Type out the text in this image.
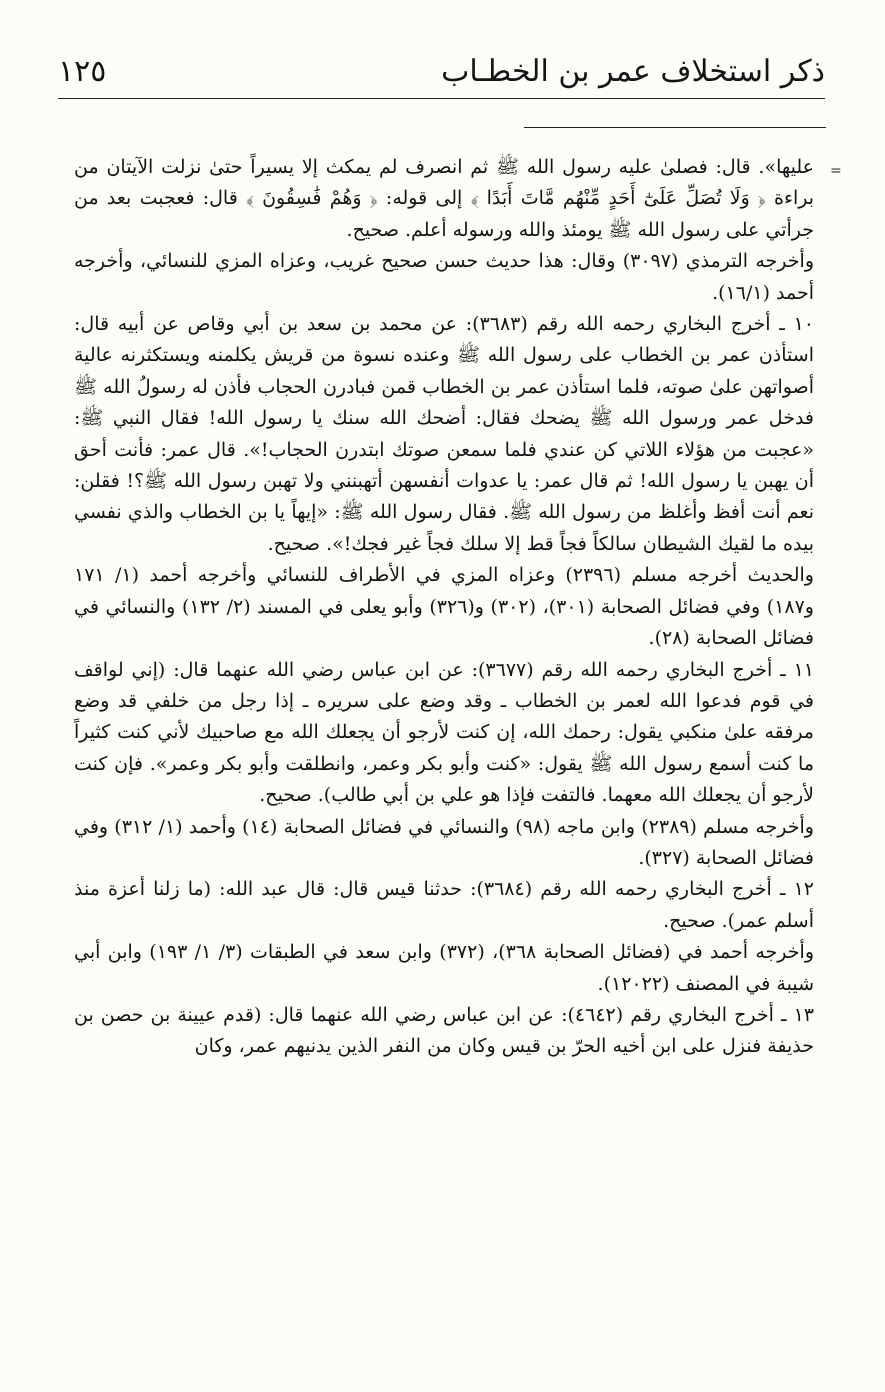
ذكر استخلاف عمر بن الخطـاب
١٢٥
=

عليها». قال: فصلىٰ عليه رسول الله ﷺ ثم انصرف لم يمكث إلا يسيراً حتىٰ نزلت الآيتان من براءة ﴿ وَلَا تُصَلِّ عَلَىٰٓ أَحَدٍ مِّنْهُم مَّاتَ أَبَدًا ﴾ إلى قوله: ﴿ وَهُمْ فَٰسِقُونَ ﴾ قال: فعجبت بعد من جرأتي على رسول الله ﷺ يومئذ والله ورسوله أعلم. صحيح.

وأخرجه الترمذي (٣٠٩٧) وقال: هذا حديث حسن صحيح غريب، وعزاه المزي للنسائي، وأخرجه أحمد (١٦/١).

١٠ ـ أخرج البخاري رحمه الله رقم (٣٦٨٣): عن محمد بن سعد بن أبي وقاص عن أبيه قال: استأذن عمر بن الخطاب على رسول الله ﷺ وعنده نسوة من قريش يكلمنه ويستكثرنه عالية أصواتهن علىٰ صوته، فلما استأذن عمر بن الخطاب قمن فبادرن الحجاب فأذن له رسولُ الله ﷺ فدخل عمر ورسول الله ﷺ يضحك فقال: أضحك الله سنك يا رسول الله! فقال النبي ﷺ: «عجبت من هؤلاء اللاتي كن عندي فلما سمعن صوتك ابتدرن الحجاب!». قال عمر: فأنت أحق أن يهبن يا رسول الله! ثم قال عمر: يا عدوات أنفسهن أتهبنني ولا تهبن رسول الله ﷺ؟! فقلن: نعم أنت أفظ وأغلظ من رسول الله ﷺ. فقال رسول الله ﷺ: «إيهاً يا بن الخطاب والذي نفسي بيده ما لقيك الشيطان سالكاً فجاً قط إلا سلك فجاً غير فجك!». صحيح.

والحديث أخرجه مسلم (٢٣٩٦) وعزاه المزي في الأطراف للنسائي وأخرجه أحمد (١/ ١٧١ و١٨٧) وفي فضائل الصحابة (٣٠١)، (٣٠٢) و(٣٢٦) وأبو يعلى في المسند (٢/ ١٣٢) والنسائي في فضائل الصحابة (٢٨).

١١ ـ أخرج البخاري رحمه الله رقم (٣٦٧٧): عن ابن عباس رضي الله عنهما قال: (إني لواقف في قوم فدعوا الله لعمر بن الخطاب ـ وقد وضع على سريره ـ إذا رجل من خلفي قد وضع مرفقه علىٰ منكبي يقول: رحمك الله، إن كنت لأرجو أن يجعلك الله مع صاحبيك لأني كنت كثيراً ما كنت أسمع رسول الله ﷺ يقول: «كنت وأبو بكر وعمر، وانطلقت وأبو بكر وعمر». فإن كنت لأرجو أن يجعلك الله معهما. فالتفت فإذا هو علي بن أبي طالب). صحيح.

وأخرجه مسلم (٢٣٨٩) وابن ماجه (٩٨) والنسائي في فضائل الصحابة (١٤) وأحمد (١/ ٣١٢) وفي فضائل الصحابة (٣٢٧).

١٢ ـ أخرج البخاري رحمه الله رقم (٣٦٨٤): حدثنا قيس قال: قال عبد الله: (ما زلنا أعزة منذ أسلم عمر). صحيح.

وأخرجه أحمد في (فضائل الصحابة ٣٦٨)، (٣٧٢) وابن سعد في الطبقات (٣/ ١/ ١٩٣) وابن أبي شيبة في المصنف (١٢٠٢٢).

١٣ ـ أخرج البخاري رقم (٤٦٤٢): عن ابن عباس رضي الله عنهما قال: (قدم عيينة بن حصن بن حذيفة فنزل على ابن أخيه الحرّ بن قيس وكان من النفر الذين يدنيهم عمر، وكان
